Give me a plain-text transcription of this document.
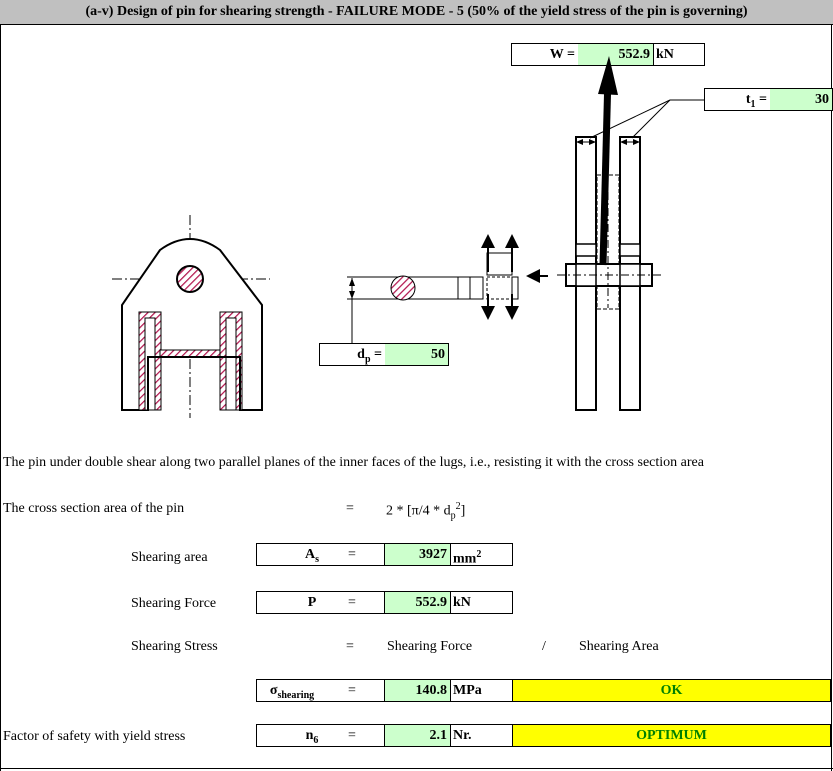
(a-v) Design of pin for shearing strength - FAILURE MODE - 5 (50% of the yield stress of the pin is governing)
W =	552.9 kN
$t_1$ =	30
$d_p$ =	50
The pin under double shear along two parallel planes of the inner faces of the lugs, i.e., resisting it with the cross section area
The cross section area of the pin	= $2 * [\pi/4 * d_p^2]$
Shearing area	$A_s$	=	3927 $mm^2$
Shearing Force	P	=	552.9 kN
Shearing Stress	= Shearing Force	/ Shearing Area
$\sigma_{shearing}$	=	140.8 MPa	OK
Factor of safety with yield stress	$n_6$	=	2.1 Nr.	OPTIMUM
